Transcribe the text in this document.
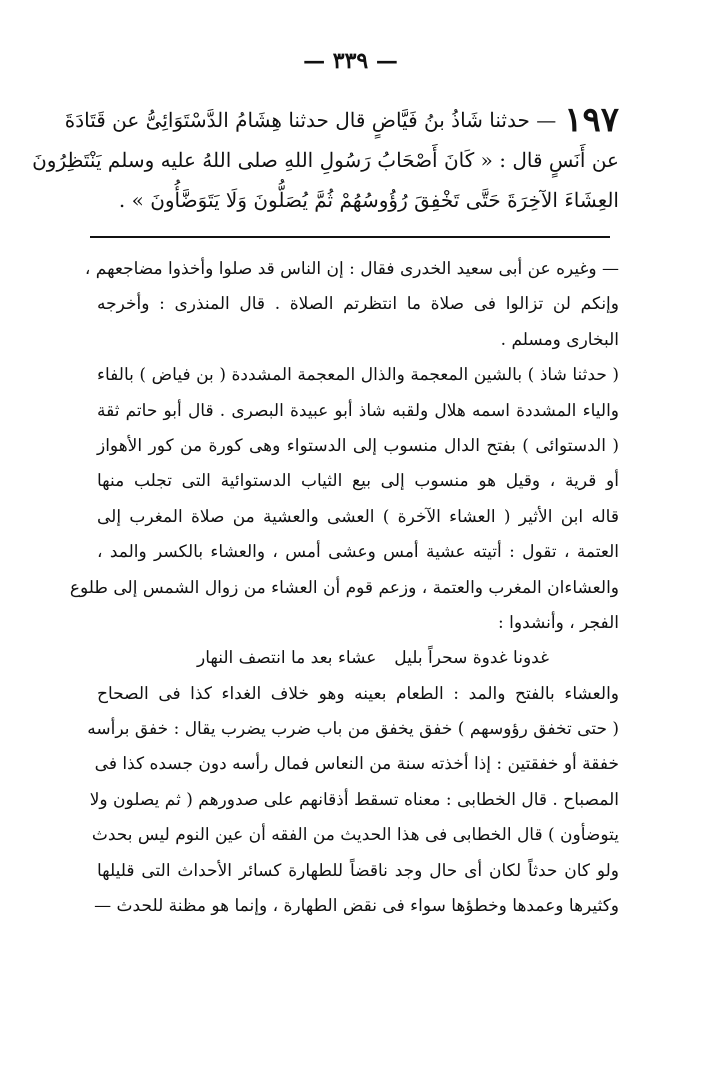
— ٣٣٩ —
١٩٧— حدثنا شَاذُ بنُ فَيَّاضٍ قال حدثنا هِشَامُ الدَّسْتَوَائِىُّ عن قَتَادَةَ
عن أَنَسٍ قال : « كَانَ أَصْحَابُ رَسُولِ اللهِ صلى اللهُ عليه وسلم يَنْتَظِرُونَ
العِشَاءَ الآخِرَةَ حَتَّى تَخْفِقَ رُؤُوسُهُمْ ثُمَّ يُصَلُّونَ وَلَا يَتَوَضَّأُونَ » .
— وغيره عن أبى سعيد الخدرى فقال : إن الناس قد صلوا وأخذوا مضاجعهم ،
وإنكم لن تزالوا فى صلاة ما انتظرتم الصلاة . قال المنذرى : وأخرجه
البخارى ومسلم .
( حدثنا شاذ ) بالشين المعجمة والذال المعجمة المشددة ( بن فياض ) بالفاء
والياء المشددة اسمه هلال ولقبه شاذ أبو عبيدة البصرى . قال أبو حاتم ثقة
( الدستوائى ) بفتح الدال منسوب إلى الدستواء وهى كورة من كور الأهواز
أو قرية ، وقيل هو منسوب إلى بيع الثياب الدستوائية التى تجلب منها
قاله ابن الأثير ( العشاء الآخرة ) العشى والعشية من صلاة المغرب إلى
العتمة ، تقول : أتيته عشية أمس وعشى أمس ، والعشاء بالكسر والمد ،
والعشاءان المغرب والعتمة ، وزعم قوم أن العشاء من زوال الشمس إلى طلوع
الفجر ، وأنشدوا :
غدونا غدوة سحراً بليل
عشاء بعد ما انتصف النهار
والعشاء بالفتح والمد : الطعام بعينه وهو خلاف الغداء كذا فى الصحاح
( حتى تخفق رؤوسهم ) خفق يخفق من باب ضرب يضرب يقال : خفق برأسه
خفقة أو خفقتين : إذا أخذته سنة من النعاس فمال رأسه دون جسده كذا فى
المصباح . قال الخطابى : معناه تسقط أذقانهم على صدورهم ( ثم يصلون ولا
يتوضأون ) قال الخطابى فى هذا الحديث من الفقه أن عين النوم ليس بحدث
ولو كان حدثاً لكان أى حال وجد ناقضاً للطهارة كسائر الأحداث التى قليلها
وكثيرها وعمدها وخطؤها سواء فى نقض الطهارة ، وإنما هو مظنة للحدث —
